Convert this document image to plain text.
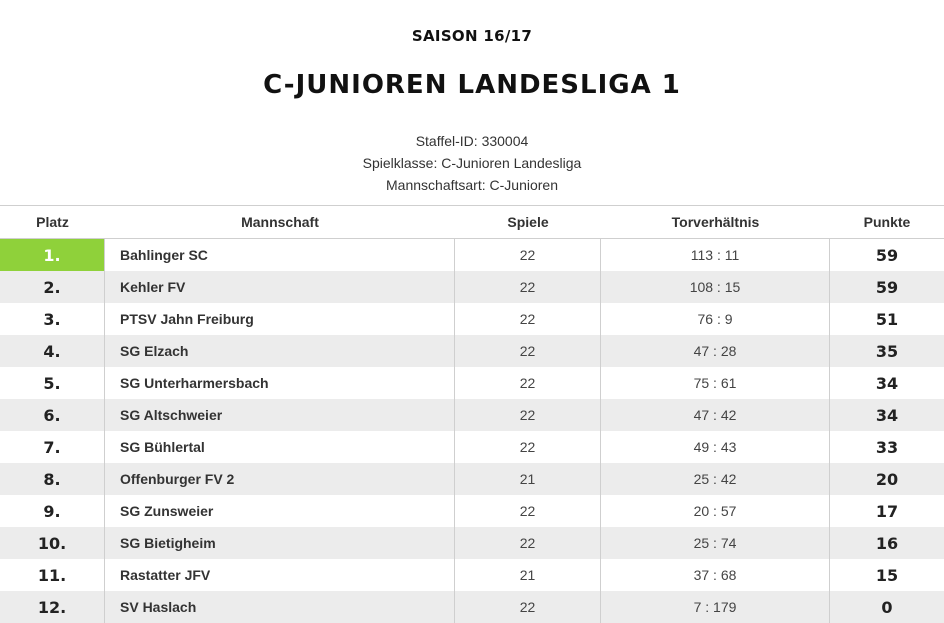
SAISON 16/17
C-JUNIOREN LANDESLIGA 1
Staffel-ID: 330004
Spielklasse: C-Junioren Landesliga
Mannschaftsart: C-Junioren
Platz	Mannschaft	Spiele	Torverhältnis	Punkte
1.	Bahlinger SC	22	113 : 11	59
2.	Kehler FV	22	108 : 15	59
3.	PTSV Jahn Freiburg	22	76 : 9	51
4.	SG Elzach	22	47 : 28	35
5.	SG Unterharmersbach	22	75 : 61	34
6.	SG Altschweier	22	47 : 42	34
7.	SG Bühlertal	22	49 : 43	33
8.	Offenburger FV 2	21	25 : 42	20
9.	SG Zunsweier	22	20 : 57	17
10.	SG Bietigheim	22	25 : 74	16
11.	Rastatter JFV	21	37 : 68	15
12.	SV Haslach	22	7 : 179	0
